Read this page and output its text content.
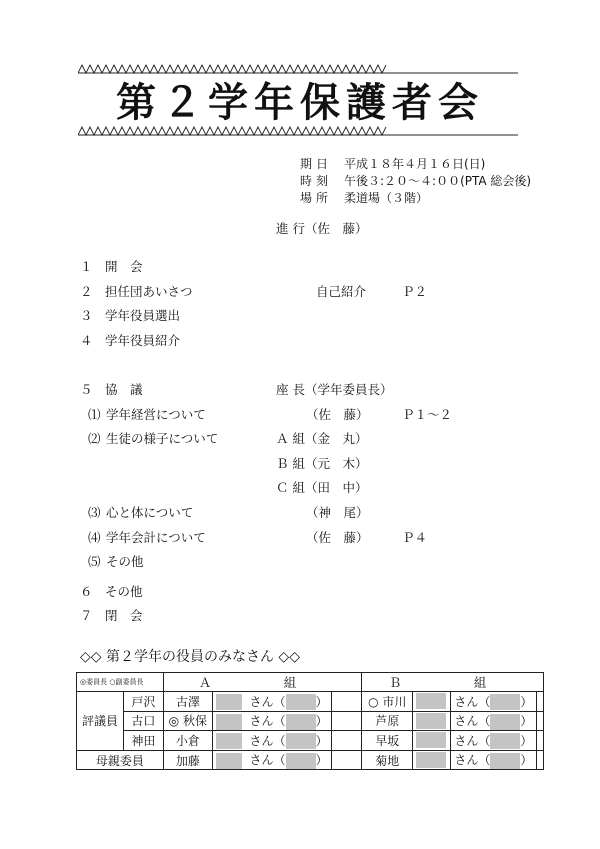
第２学年保護者会
期日 平成１８年４月１６日(日)
時刻 午後３:２０～４:００(PTA 総会後)
場所 柔道場（３階）
進 行（佐　藤）
１ 開　会
２ 担任団あいさつ	自己紹介	Ｐ２
３ 学年役員選出
４ 学年役員紹介
５ 協　議	座 長（学年委員長）
⑴ 学年経営について	（佐　藤）	Ｐ１～２
⑵ 生徒の様子について	Ａ 組（金　丸）
Ｂ 組（元　木）
Ｃ 組（田　中）
⑶ 心と体について	（神　尾）
⑷ 学年会計について	（佐　藤）	Ｐ４
⑸ その他
６ その他
７ 閉　会
◇◇ 第２学年の役員のみなさん ◇◇
◎委員長 ○副委員長		Ａ　組			Ｂ　組			
評議員	戸沢	古澤	さん（ ）		○ 市川		さん（ ）	
	古口	◎ 秋保	さん（ ）		芦原		さん（ ）	
	神田	小倉	さん（ ）		早坂		さん（ ）	
母親委員		加藤	さん（ ）		菊地		さん（ ）	
